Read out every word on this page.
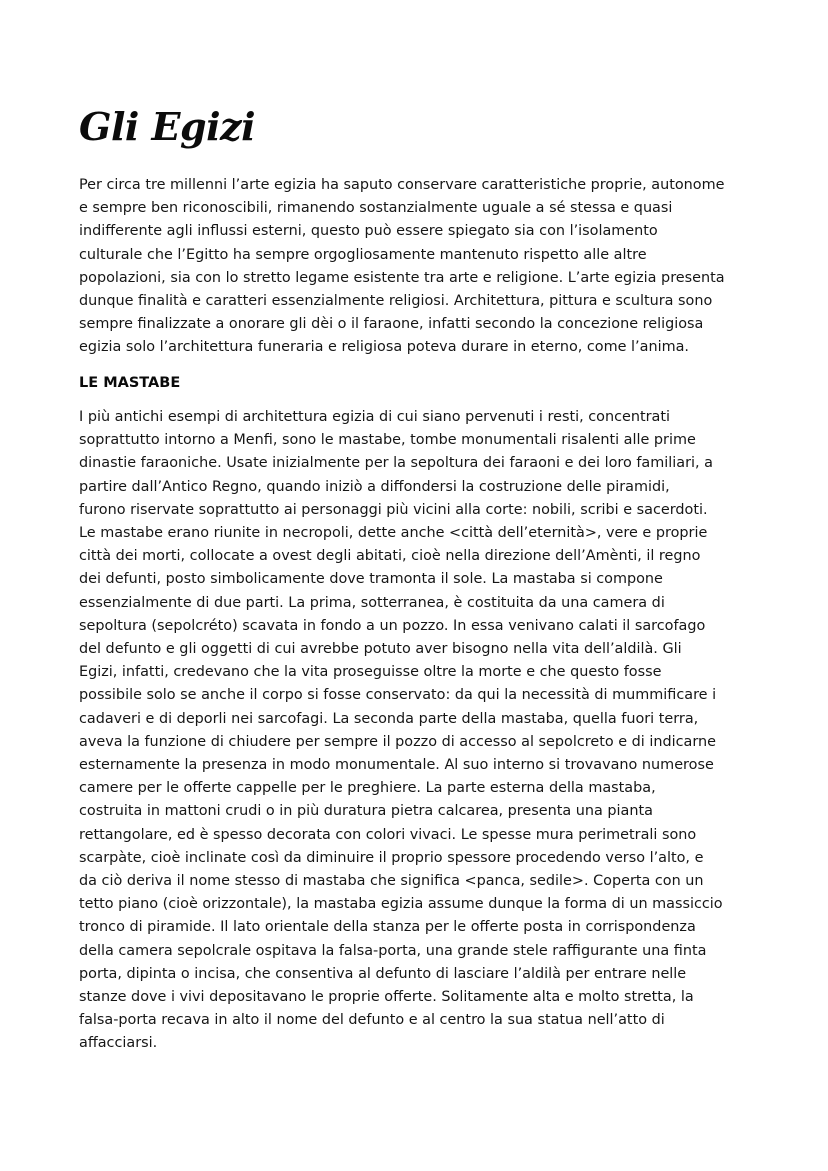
Gli Egizi

Per circa tre millenni l’arte egizia ha saputo conservare caratteristiche proprie, autonome
e sempre ben riconoscibili, rimanendo sostanzialmente uguale a sé stessa e quasi
indifferente agli influssi esterni, questo può essere spiegato sia con l’isolamento
culturale che l’Egitto ha sempre orgogliosamente mantenuto rispetto alle altre
popolazioni, sia con lo stretto legame esistente tra arte e religione. L’arte egizia presenta
dunque finalità e caratteri essenzialmente religiosi. Architettura, pittura e scultura sono
sempre finalizzate a onorare gli dèi o il faraone, infatti secondo la concezione religiosa
egizia solo l’architettura funeraria e religiosa poteva durare in eterno, come l’anima.

LE MASTABE

I più antichi esempi di architettura egizia di cui siano pervenuti i resti, concentrati
soprattutto intorno a Menfi, sono le mastabe, tombe monumentali risalenti alle prime
dinastie faraoniche. Usate inizialmente per la sepoltura dei faraoni e dei loro familiari, a
partire dall’Antico Regno, quando iniziò a diffondersi la costruzione delle piramidi,
furono riservate soprattutto ai personaggi più vicini alla corte: nobili, scribi e sacerdoti.
Le mastabe erano riunite in necropoli, dette anche <città dell’eternità>, vere e proprie
città dei morti, collocate a ovest degli abitati, cioè nella direzione dell’Amènti, il regno
dei defunti, posto simbolicamente dove tramonta il sole. La mastaba si compone
essenzialmente di due parti. La prima, sotterranea, è costituita da una camera di
sepoltura (sepolcréto) scavata in fondo a un pozzo. In essa venivano calati il sarcofago
del defunto e gli oggetti di cui avrebbe potuto aver bisogno nella vita dell’aldilà. Gli
Egizi, infatti, credevano che la vita proseguisse oltre la morte e che questo fosse
possibile solo se anche il corpo si fosse conservato: da qui la necessità di mummificare i
cadaveri e di deporli nei sarcofagi. La seconda parte della mastaba, quella fuori terra,
aveva la funzione di chiudere per sempre il pozzo di accesso al sepolcreto e di indicarne
esternamente la presenza in modo monumentale. Al suo interno si trovavano numerose
camere per le offerte cappelle per le preghiere. La parte esterna della mastaba,
costruita in mattoni crudi o in più duratura pietra calcarea, presenta una pianta
rettangolare, ed è spesso decorata con colori vivaci. Le spesse mura perimetrali sono
scarpàte, cioè inclinate così da diminuire il proprio spessore procedendo verso l’alto, e
da ciò deriva il nome stesso di mastaba che significa <panca, sedile>. Coperta con un
tetto piano (cioè orizzontale), la mastaba egizia assume dunque la forma di un massiccio
tronco di piramide. Il lato orientale della stanza per le offerte posta in corrispondenza
della camera sepolcrale ospitava la falsa-porta, una grande stele raffigurante una finta
porta, dipinta o incisa, che consentiva al defunto di lasciare l’aldilà per entrare nelle
stanze dove i vivi depositavano le proprie offerte. Solitamente alta e molto stretta, la
falsa-porta recava in alto il nome del defunto e al centro la sua statua nell’atto di
affacciarsi.
